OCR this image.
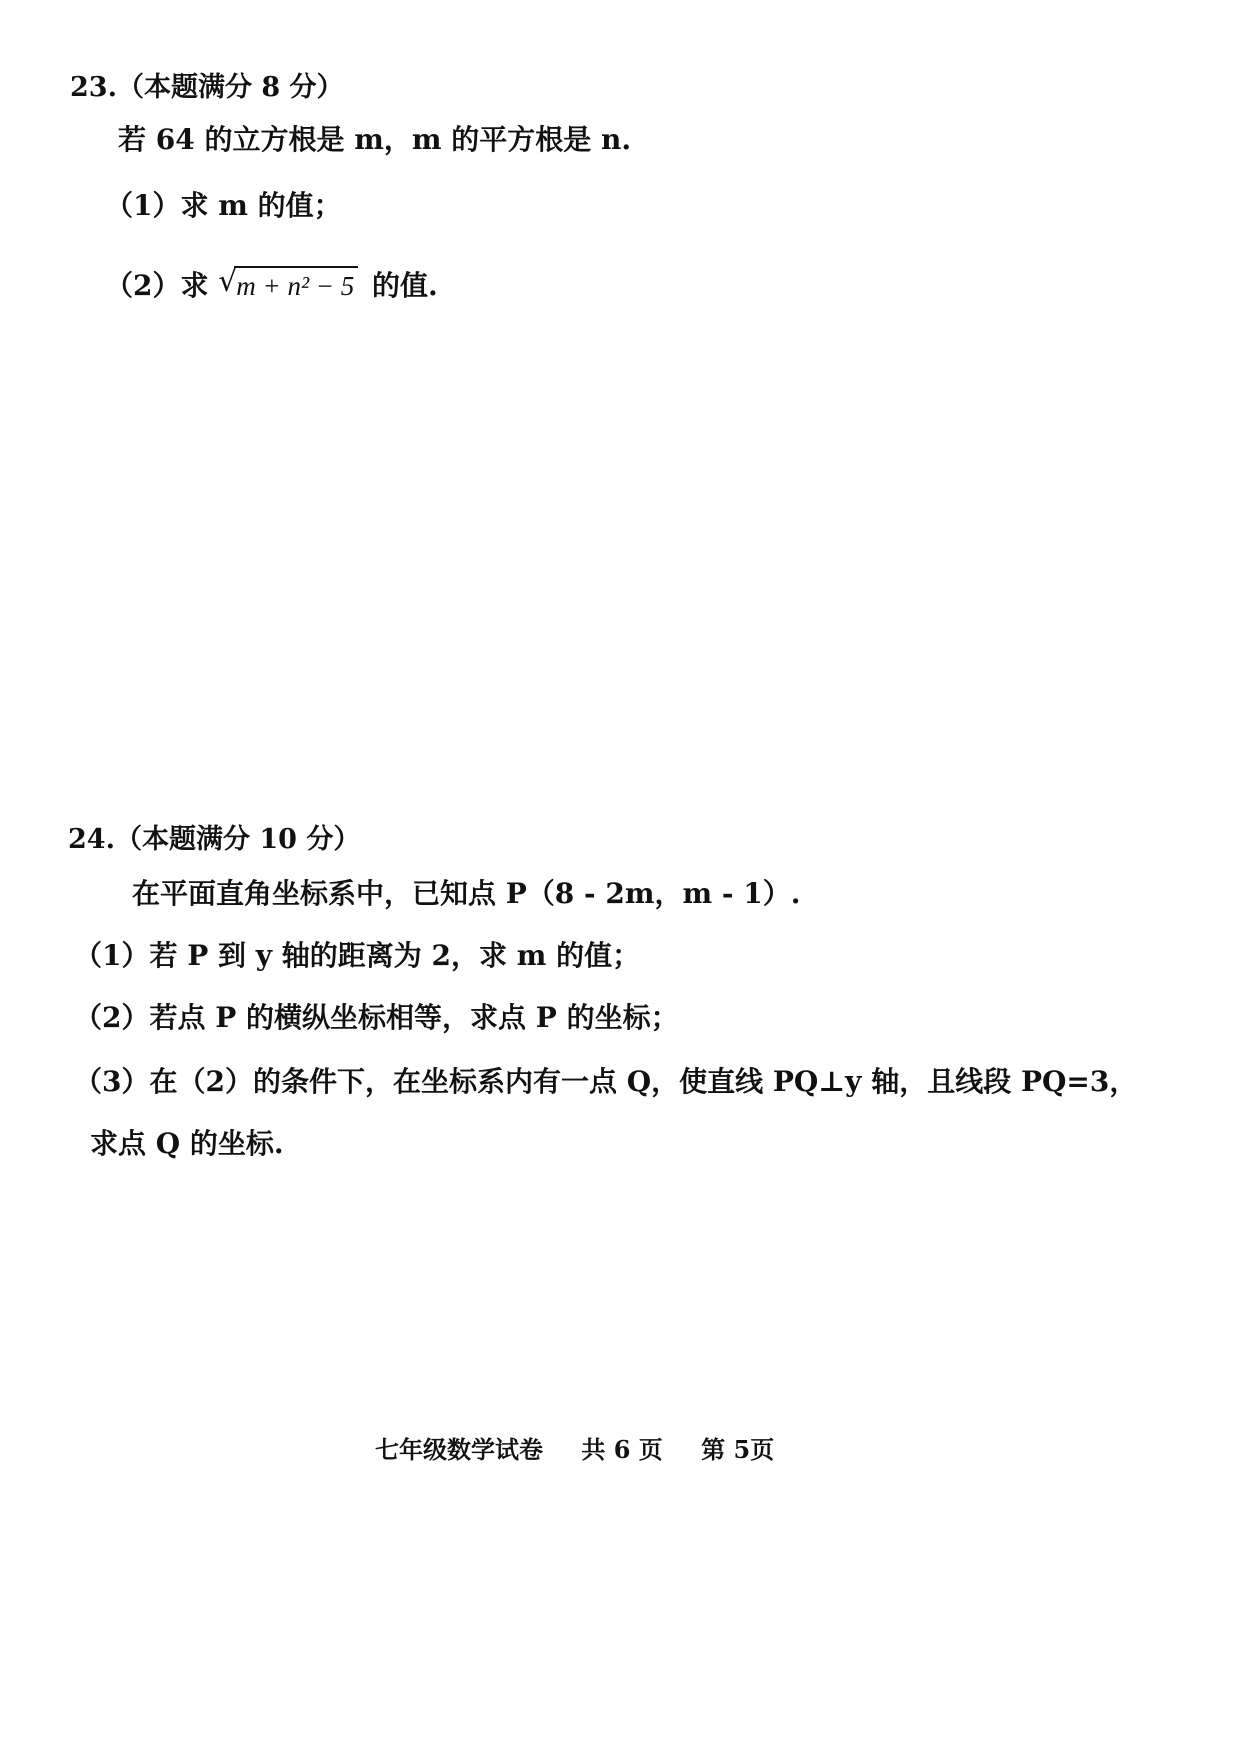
23.（本题满分 8 分）
若 64 的立方根是 m，m 的平方根是 n.
（1）求 m 的值；
（2）求 √
m + n² − 5 的值.
24.（本题满分 10 分）
在平面直角坐标系中，已知点 P（8 - 2m，m - 1）.
（1）若 P 到 y 轴的距离为 2，求 m 的值；
（2）若点 P 的横纵坐标相等，求点 P 的坐标；
（3）在（2）的条件下，在坐标系内有一点 Q，使直线 PQ⊥y 轴，且线段 PQ=3，
求点 Q 的坐标.
七年级数学试卷 共 6 页 第 5页
